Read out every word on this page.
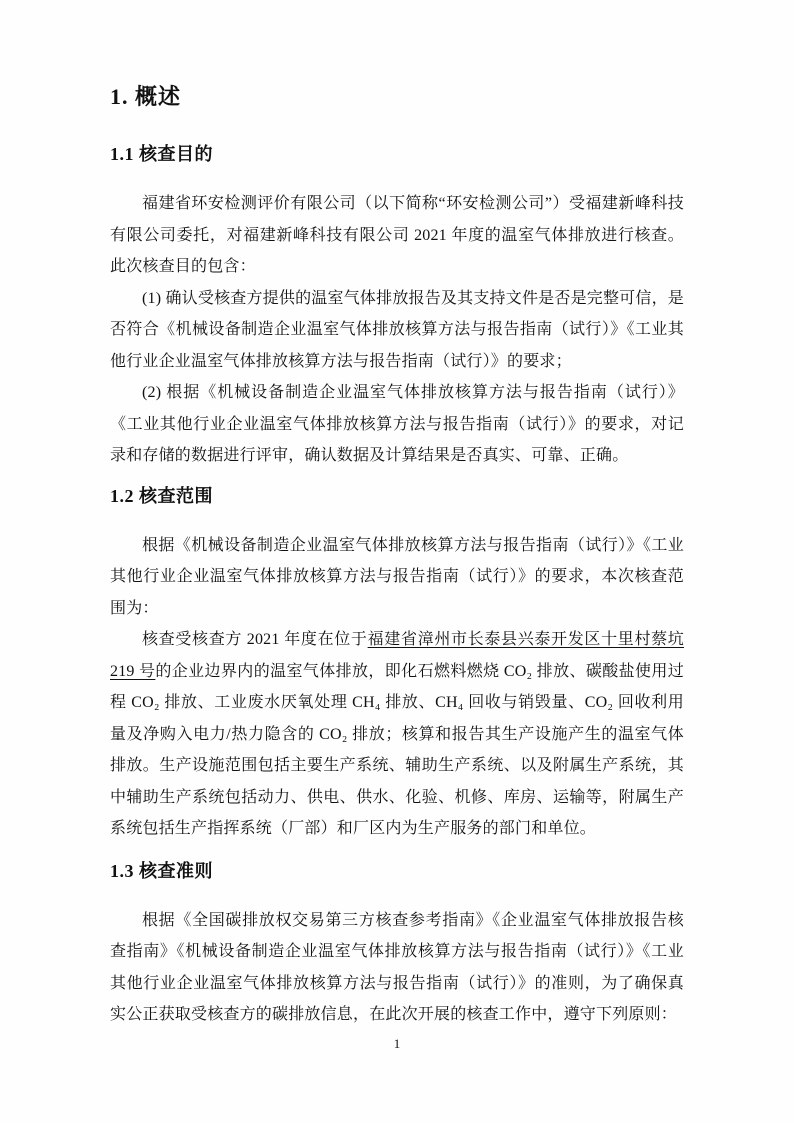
1. 概述
1.1 核查目的

福建省环安检测评价有限公司（以下简称“环安检测公司”）受福建新峰科技有限公司委托，对福建新峰科技有限公司 2021 年度的温室气体排放进行核查。此次核查目的包含：

(1) 确认受核查方提供的温室气体排放报告及其支持文件是否是完整可信，是否符合《机械设备制造企业温室气体排放核算方法与报告指南（试行）》《工业其他行业企业温室气体排放核算方法与报告指南（试行）》的要求；

(2) 根据《机械设备制造企业温室气体排放核算方法与报告指南（试行）》《工业其他行业企业温室气体排放核算方法与报告指南（试行）》的要求，对记录和存储的数据进行评审，确认数据及计算结果是否真实、可靠、正确。

1.2 核查范围

根据《机械设备制造企业温室气体排放核算方法与报告指南（试行）》《工业其他行业企业温室气体排放核算方法与报告指南（试行）》的要求，本次核查范围为：

核查受核查方 2021 年度在位于福建省漳州市长泰县兴泰开发区十里村蔡坑 219 号的企业边界内的温室气体排放，即化石燃料燃烧 CO₂ 排放、碳酸盐使用过程 CO₂ 排放、工业废水厌氧处理 CH₄ 排放、CH₄ 回收与销毁量、CO₂ 回收利用量及净购入电力/热力隐含的 CO₂ 排放；核算和报告其生产设施产生的温室气体排放。生产设施范围包括主要生产系统、辅助生产系统、以及附属生产系统，其中辅助生产系统包括动力、供电、供水、化验、机修、库房、运输等，附属生产系统包括生产指挥系统（厂部）和厂区内为生产服务的部门和单位。

1.3 核查准则

根据《全国碳排放权交易第三方核查参考指南》《企业温室气体排放报告核查指南》《机械设备制造企业温室气体排放核算方法与报告指南（试行）》《工业其他行业企业温室气体排放核算方法与报告指南（试行）》的准则，为了确保真实公正获取受核查方的碳排放信息，在此次开展的核查工作中，遵守下列原则：

1
